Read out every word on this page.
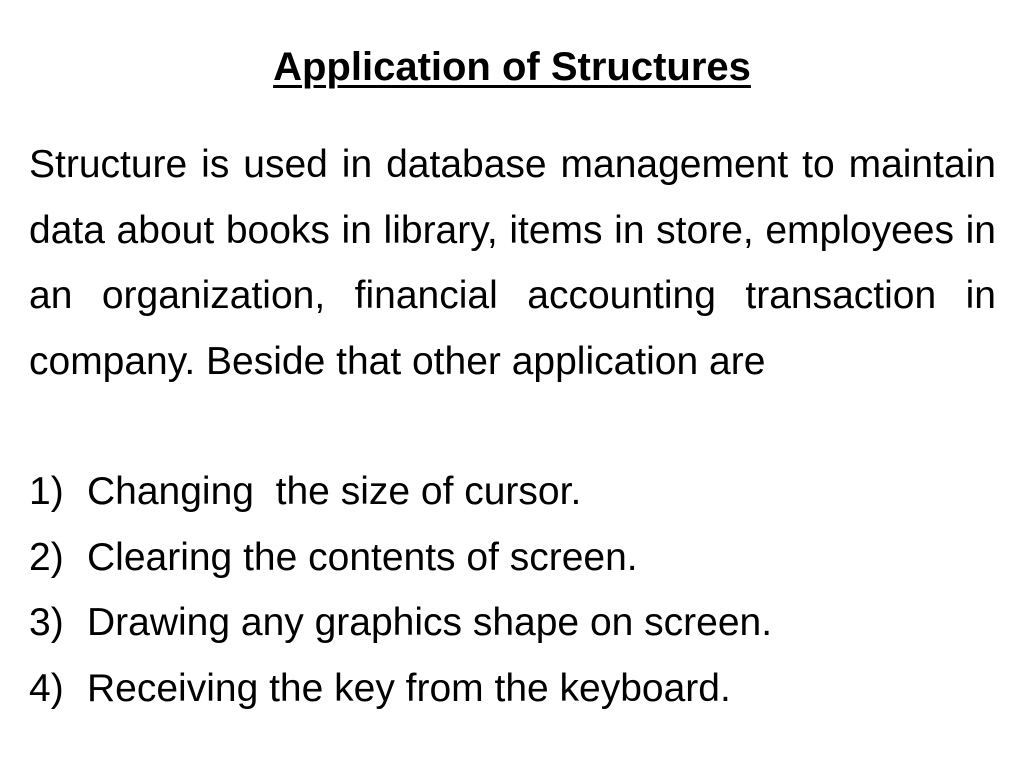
Application of Structures

Structure is used in database management to maintain data about books in library, items in store, employees in an organization, financial accounting transaction in company. Beside that other application are

1) Changing  the size of cursor.
2) Clearing the contents of screen.
3) Drawing any graphics shape on screen.
4) Receiving the key from the keyboard.
